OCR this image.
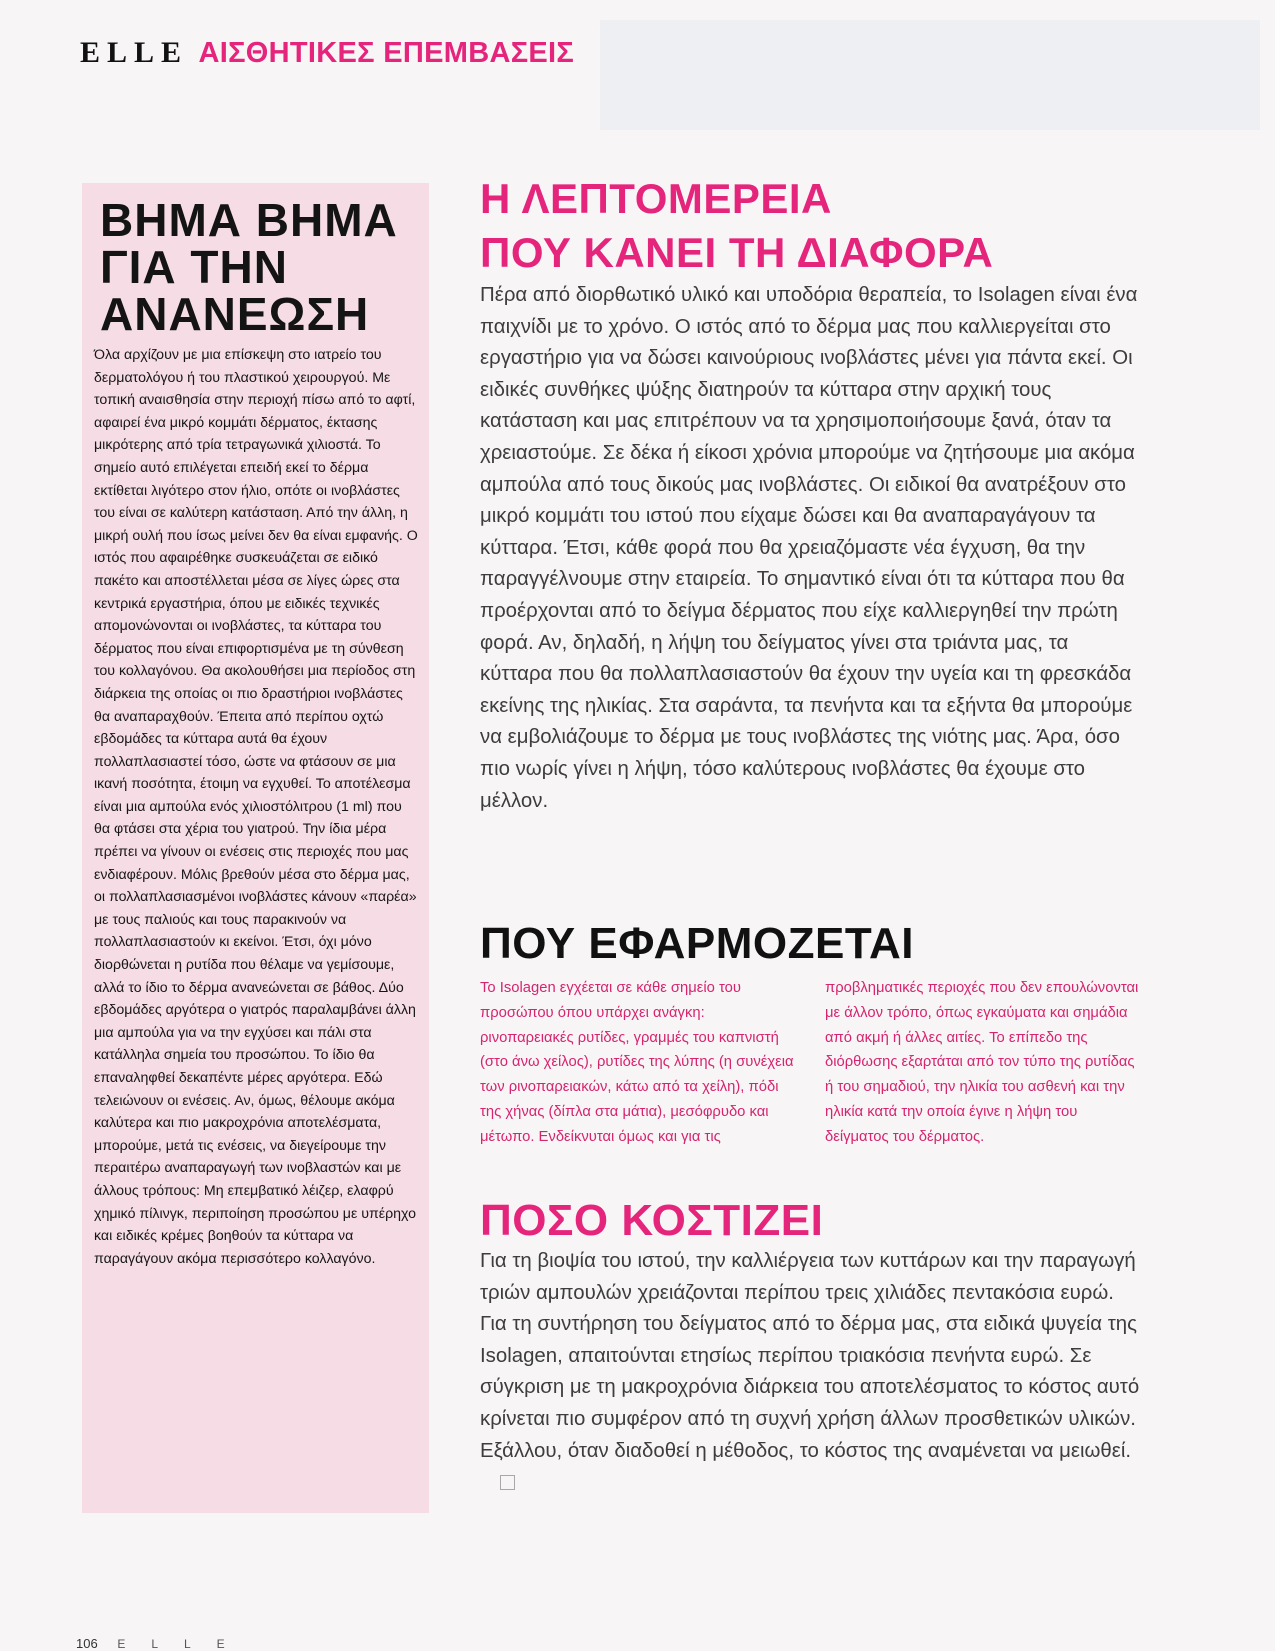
ELLE ΑΙΣΘΗΤΙΚΕΣ ΕΠΕΜΒΑΣΕΙΣ
ΒΗΜΑ ΒΗΜΑ
ΓΙΑ ΤΗΝ
ΑΝΑΝΕΩΣΗ

Όλα αρχίζουν με μια επίσκεψη στο ιατρείο του δερματολόγου ή του πλαστικού χειρουργού. Με τοπική αναισθησία στην περιοχή πίσω από το αφτί, αφαιρεί ένα μικρό κομμάτι δέρματος, έκτασης μικρότερης από τρία τετραγωνικά χιλιοστά. Το σημείο αυτό επιλέγεται επειδή εκεί το δέρμα εκτίθεται λιγότερο στον ήλιο, οπότε οι ινοβλάστες του είναι σε καλύτερη κατάσταση. Από την άλλη, η μικρή ουλή που ίσως μείνει δεν θα είναι εμφανής. Ο ιστός που αφαιρέθηκε συσκευάζεται σε ειδικό πακέτο και αποστέλλεται μέσα σε λίγες ώρες στα κεντρικά εργαστήρια, όπου με ειδικές τεχνικές απομονώνονται οι ινοβλάστες, τα κύτταρα του δέρματος που είναι επιφορτισμένα με τη σύνθεση του κολλαγόνου. Θα ακολουθήσει μια περίοδος στη διάρκεια της οποίας οι πιο δραστήριοι ινοβλάστες θα αναπαραχθούν. Έπειτα από περίπου οχτώ εβδομάδες τα κύτταρα αυτά θα έχουν πολλαπλασιαστεί τόσο, ώστε να φτάσουν σε μια ικανή ποσότητα, έτοιμη να εγχυθεί. Το αποτέλεσμα είναι μια αμπούλα ενός χιλιοστόλιτρου (1 ml) που θα φτάσει στα χέρια του γιατρού. Την ίδια μέρα πρέπει να γίνουν οι ενέσεις στις περιοχές που μας ενδιαφέρουν. Μόλις βρεθούν μέσα στο δέρμα μας, οι πολλαπλασιασμένοι ινοβλάστες κάνουν «παρέα» με τους παλιούς και τους παρακινούν να πολλαπλασιαστούν κι εκείνοι. Έτσι, όχι μόνο διορθώνεται η ρυτίδα που θέλαμε να γεμίσουμε, αλλά το ίδιο το δέρμα ανανεώνεται σε βάθος. Δύο εβδομάδες αργότερα ο γιατρός παραλαμβάνει άλλη μια αμπούλα για να την εγχύσει και πάλι στα κατάλληλα σημεία του προσώπου. Το ίδιο θα επαναληφθεί δεκαπέντε μέρες αργότερα. Εδώ τελειώνουν οι ενέσεις. Αν, όμως, θέλουμε ακόμα καλύτερα και πιο μακροχρόνια αποτελέσματα, μπορούμε, μετά τις ενέσεις, να διεγείρουμε την περαιτέρω αναπαραγωγή των ινοβλαστών και με άλλους τρόπους: Μη επεμβατικό λέιζερ, ελαφρύ χημικό πίλινγκ, περιποίηση προσώπου με υπέρηχο και ειδικές κρέμες βοηθούν τα κύτταρα να παραγάγουν ακόμα περισσότερο κολλαγόνο.

Η ΛΕΠΤΟΜΕΡΕΙΑ
ΠΟΥ ΚΑΝΕΙ ΤΗ ΔΙΑΦΟΡΑ

Πέρα από διορθωτικό υλικό και υποδόρια θεραπεία, το Isolagen είναι ένα παιχνίδι με το χρόνο. Ο ιστός από το δέρμα μας που καλλιεργείται στο εργαστήριο για να δώσει καινούριους ινοβλάστες μένει για πάντα εκεί. Οι ειδικές συνθήκες ψύξης διατηρούν τα κύτταρα στην αρχική τους κατάσταση και μας επιτρέπουν να τα χρησιμοποιήσουμε ξανά, όταν τα χρειαστούμε. Σε δέκα ή είκοσι χρόνια μπορούμε να ζητήσουμε μια ακόμα αμπούλα από τους δικούς μας ινοβλάστες. Οι ειδικοί θα ανατρέξουν στο μικρό κομμάτι του ιστού που είχαμε δώσει και θα αναπαραγάγουν τα κύτταρα. Έτσι, κάθε φορά που θα χρειαζόμαστε νέα έγχυση, θα την παραγγέλνουμε στην εταιρεία. Το σημαντικό είναι ότι τα κύτταρα που θα προέρχονται από το δείγμα δέρματος που είχε καλλιεργηθεί την πρώτη φορά. Αν, δηλαδή, η λήψη του δείγματος γίνει στα τριάντα μας, τα κύτταρα που θα πολλαπλασιαστούν θα έχουν την υγεία και τη φρεσκάδα εκείνης της ηλικίας. Στα σαράντα, τα πενήντα και τα εξήντα θα μπορούμε να εμβολιάζουμε το δέρμα με τους ινοβλάστες της νιότης μας. Άρα, όσο πιο νωρίς γίνει η λήψη, τόσο καλύτερους ινοβλάστες θα έχουμε στο μέλλον.

ΠΟΥ ΕΦΑΡΜΟΖΕΤΑΙ

Το Isolagen εγχέεται σε κάθε σημείο του προσώπου όπου υπάρχει ανάγκη: ρινοπαρειακές ρυτίδες, γραμμές του καπνιστή (στο άνω χείλος), ρυτίδες της λύπης (η συνέχεια των ρινοπαρειακών, κάτω από τα χείλη), πόδι της χήνας (δίπλα στα μάτια), μεσόφρυδο και μέτωπο. Ενδείκνυται όμως και για τις προβληματικές περιοχές που δεν επουλώνονται με άλλον τρόπο, όπως εγκαύματα και σημάδια από ακμή ή άλλες αιτίες. Το επίπεδο της διόρθωσης εξαρτάται από τον τύπο της ρυτίδας ή του σημαδιού, την ηλικία του ασθενή και την ηλικία κατά την οποία έγινε η λήψη του δείγματος του δέρματος.

ΠΟΣΟ ΚΟΣΤΙΖΕΙ

Για τη βιοψία του ιστού, την καλλιέργεια των κυττάρων και την παραγωγή τριών αμπουλών χρειάζονται περίπου τρεις χιλιάδες πεντακόσια ευρώ. Για τη συντήρηση του δείγματος από το δέρμα μας, στα ειδικά ψυγεία της Isolagen, απαιτούνται ετησίως περίπου τριακόσια πενήντα ευρώ. Σε σύγκριση με τη μακροχρόνια διάρκεια του αποτελέσματος το κόστος αυτό κρίνεται πιο συμφέρον από τη συχνή χρήση άλλων προσθετικών υλικών. Εξάλλου, όταν διαδοθεί η μέθοδος, το κόστος της αναμένεται να μειωθεί.

106 ELLE
